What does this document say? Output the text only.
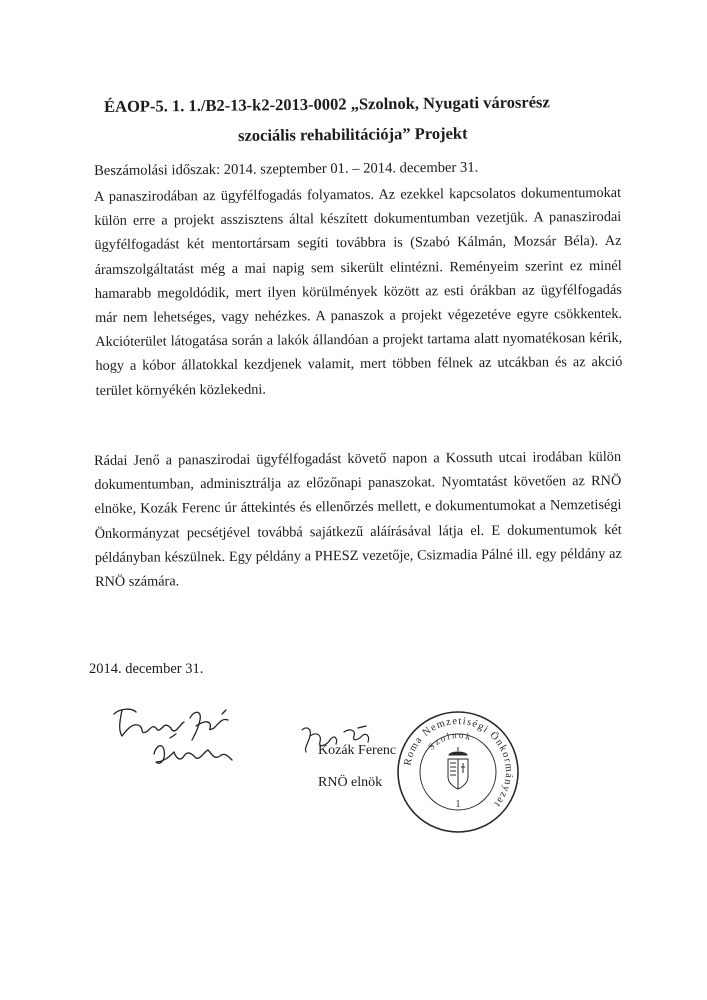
ÉAOP-5. 1. 1./B2-13-k2-2013-0002 „Szolnok, Nyugati városrész
szociális rehabilitációja” Projekt
Beszámolási időszak: 2014. szeptember 01. – 2014. december 31.

A panaszirodában az ügyfélfogadás folyamatos. Az ezekkel kapcsolatos dokumentumokat külön erre a projekt asszisztens által készített dokumentumban vezetjük. A panaszirodai ügyfélfogadást két mentortársam segíti továbbra is (Szabó Kálmán, Mozsár Béla). Az áramszolgáltatást még a mai napig sem sikerült elintézni. Reményeim szerint ez minél hamarabb megoldódik, mert ilyen körülmények között az esti órákban az ügyfélfogadás már nem lehetséges, vagy nehézkes. A panaszok a projekt végezetéve egyre csökkentek. Akcióterület látogatása során a lakók állandóan a projekt tartama alatt nyomatékosan kérik, hogy a kóbor állatokkal kezdjenek valamit, mert többen félnek az utcákban és az akció terület környékén közlekedni.

Rádai Jenő a panaszirodai ügyfélfogadást követő napon a Kossuth utcai irodában külön dokumentumban, adminisztrálja az előzőnapi panaszokat. Nyomtatást követően az RNÖ elnöke, Kozák Ferenc úr áttekintés és ellenőrzés mellett, e dokumentumokat a Nemzetiségi Önkormányzat pecsétjével továbbá sajátkezű aláírásával látja el. E dokumentumok két példányban készülnek. Egy példány a PHESZ vezetője, Csizmadia Pálné ill. egy példány az RNÖ számára.

2014. december 31.
Kozák Ferenc
RNÖ elnök
Roma Nemzetiségi Önkormányzat
Szolnok
1
